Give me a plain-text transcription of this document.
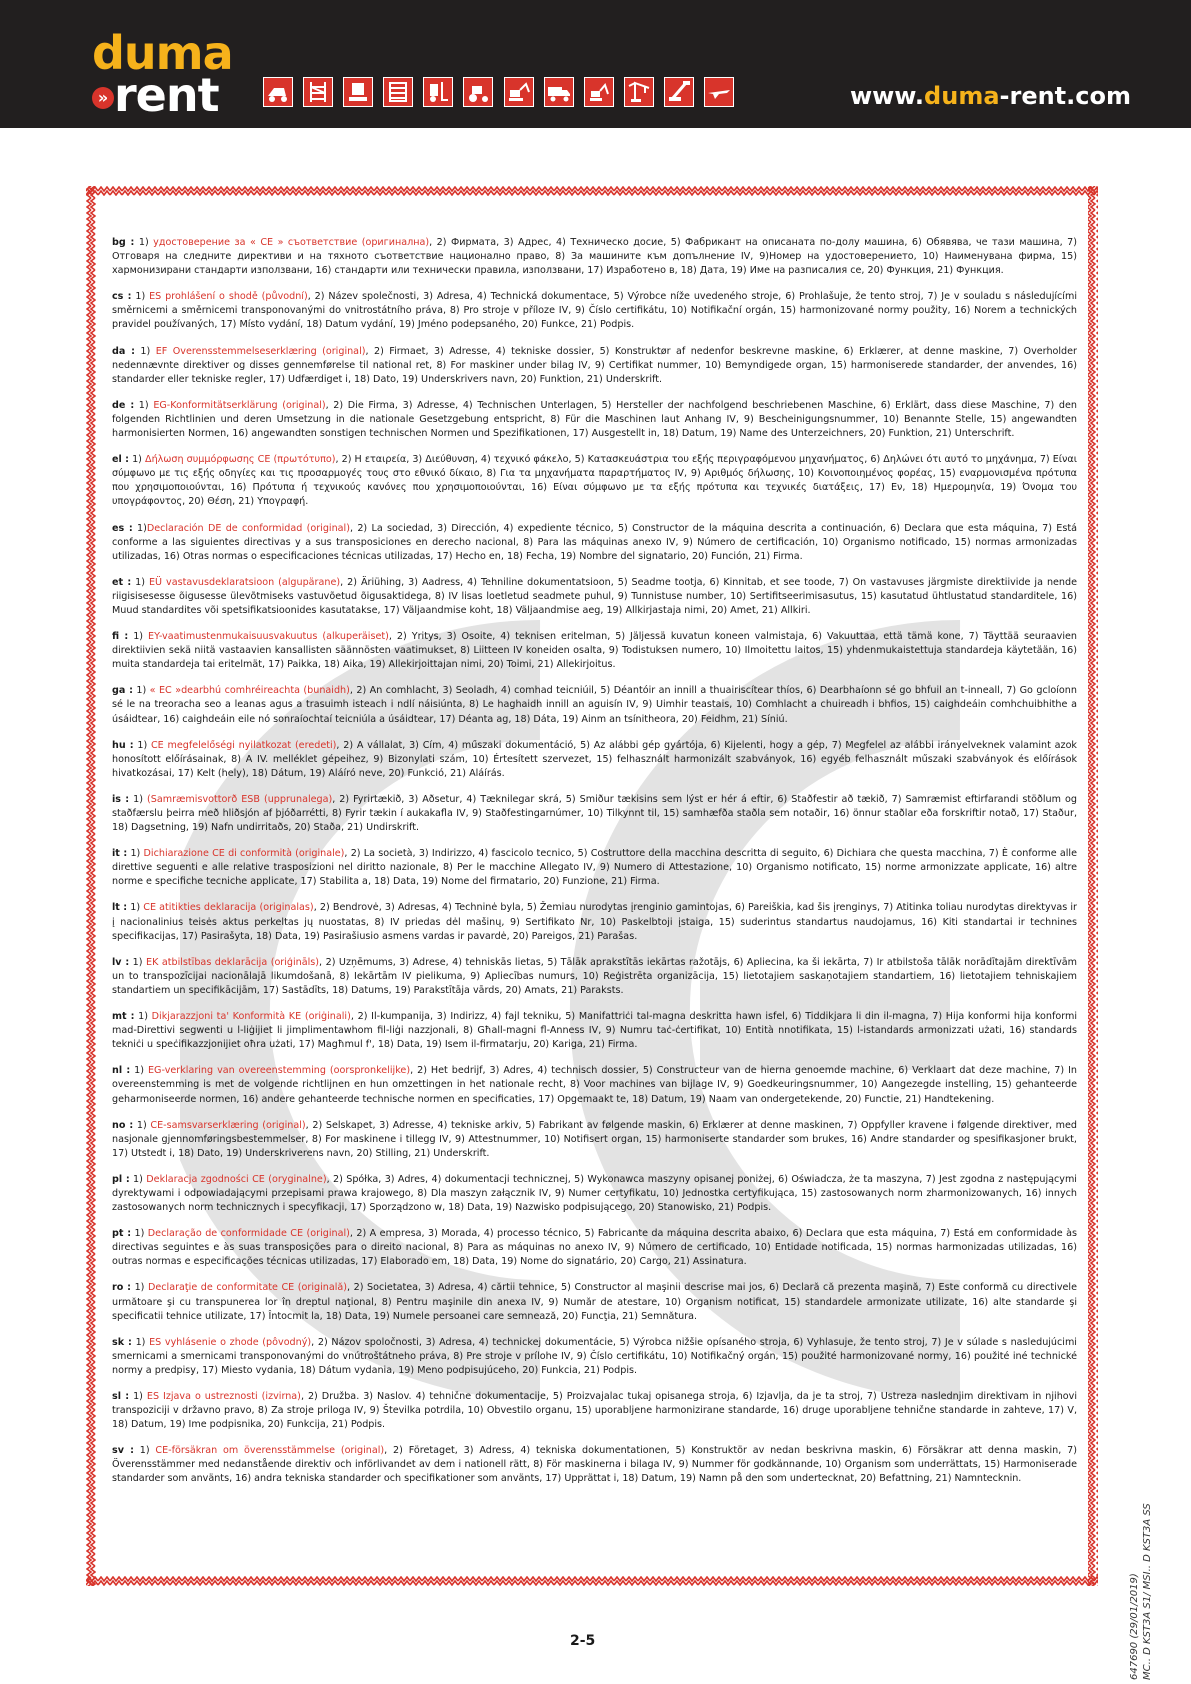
duma
» rent

	www.duma-rent.com

bg : 1) удостоверение за « CE » съответствие (оригинална), 2) Фирмата, 3) Адрес, 4) Техническо досие, 5) Фабрикант на описаната по-долу машина, 6) Обявява, че тази машина, 7) Отговаря на следните директиви и на тяхното съответствие национално право, 8) За машините към допълнение IV, 9)Номер на удостоверението, 10) Наименувана фирма, 15) хармонизирани стандарти използвани, 16) стандарти или технически правила, използвани, 17) Изработено в, 18) Дата, 19) Име на разписалия се, 20) Функция, 21) Функция.

cs : 1) ES prohlášení o shodě (původní), 2) Název společnosti, 3) Adresa, 4) Technická dokumentace, 5) Výrobce níže uvedeného stroje, 6) Prohlašuje, že tento stroj, 7) Je v souladu s následujícími směrnicemi a směrnicemi transponovanými do vnitrostátního práva, 8) Pro stroje v příloze IV, 9) Číslo certifikátu, 10) Notifikační orgán, 15) harmonizované normy použity, 16) Norem a technických pravidel používaných, 17) Místo vydání, 18) Datum vydání, 19) Jméno podepsaného, 20) Funkce, 21) Podpis.

da : 1) EF Overensstemmelseserklæring (original), 2) Firmaet, 3) Adresse, 4) tekniske dossier, 5) Konstruktør af nedenfor beskrevne maskine, 6) Erklærer, at denne maskine, 7) Overholder nedennævnte direktiver og disses gennemførelse til national ret, 8) For maskiner under bilag IV, 9) Certifikat nummer, 10) Bemyndigede organ, 15) harmoniserede standarder, der anvendes, 16) standarder eller tekniske regler, 17) Udfærdiget i, 18) Dato, 19) Underskrivers navn, 20) Funktion, 21) Underskrift.

de : 1) EG-Konformitätserklärung (original), 2) Die Firma, 3) Adresse, 4) Technischen Unterlagen, 5) Hersteller der nachfolgend beschriebenen Maschine, 6) Erklärt, dass diese Maschine, 7) den folgenden Richtlinien und deren Umsetzung in die nationale Gesetzgebung entspricht, 8) Für die Maschinen laut Anhang IV, 9) Bescheinigungsnummer, 10) Benannte Stelle, 15) angewandten harmonisierten Normen, 16) angewandten sonstigen technischen Normen und Spezifikationen, 17) Ausgestellt in, 18) Datum, 19) Name des Unterzeichners, 20) Funktion, 21) Unterschrift.

el : 1) Δήλωση συμμόρφωσης CE (πρωτότυπο), 2) Η εταιρεία, 3) Διεύθυνση, 4) τεχνικό φάκελο, 5) Κατασκευάστρια του εξής περιγραφόμενου μηχανήματος, 6) Δηλώνει ότι αυτό το μηχάνημα, 7) Είναι σύμφωνο με τις εξής οδηγίες και τις προσαρμογές τους στο εθνικό δίκαιο, 8) Για τα μηχανήματα παραρτήματος IV, 9) Αριθμός δήλωσης, 10) Κοινοποιημένος φορέας, 15) εναρμονισμένα πρότυπα που χρησιμοποιούνται, 16) Πρότυπα ή τεχνικούς κανόνες που χρησιμοποιούνται, 16) Είναι σύμφωνο με τα εξής πρότυπα και τεχνικές διατάξεις, 17) Εν, 18) Ημερομηνία, 19) Όνομα του υπογράφοντος, 20) Θέση, 21) Υπογραφή.

es : 1)Declaración DE de conformidad (original), 2) La sociedad, 3) Dirección, 4) expediente técnico, 5) Constructor de la máquina descrita a continuación, 6) Declara que esta máquina, 7) Está conforme a las siguientes directivas y a sus transposiciones en derecho nacional, 8) Para las máquinas anexo IV, 9) Número de certificación, 10) Organismo notificado, 15) normas armonizadas utilizadas, 16) Otras normas o especificaciones técnicas utilizadas, 17) Hecho en, 18) Fecha, 19) Nombre del signatario, 20) Función, 21) Firma.

et : 1) EÜ vastavusdeklaratsioon (algupärane), 2) Äriühing, 3) Aadress, 4) Tehniline dokumentatsioon, 5) Seadme tootja, 6) Kinnitab, et see toode, 7) On vastavuses järgmiste direktiivide ja nende riigisisesesse õigusesse ülevõtmiseks vastuvõetud õigusaktidega, 8) IV lisas loetletud seadmete puhul, 9) Tunnistuse number, 10) Sertifitseerimisasutus, 15) kasutatud ühtlustatud standarditele, 16) Muud standardites või spetsifikatsioonides kasutatakse, 17) Väljaandmise koht, 18) Väljaandmise aeg, 19) Allkirjastaja nimi, 20) Amet, 21) Allkiri.

fi : 1) EY-vaatimustenmukaisuusvakuutus (alkuperäiset), 2) Yritys, 3) Osoite, 4) teknisen eritelman, 5) Jäljessä kuvatun koneen valmistaja, 6) Vakuuttaa, että tämä kone, 7) Täyttää seuraavien direktiivien sekä niitä vastaavien kansallisten säännösten vaatimukset, 8) Liitteen IV koneiden osalta, 9) Todistuksen numero, 10) Ilmoitettu laitos, 15) yhdenmukaistettuja standardeja käytetään, 16) muita standardeja tai eritelmät, 17) Paikka, 18) Aika, 19) Allekirjoittajan nimi, 20) Toimi, 21) Allekirjoitus.

ga : 1) « EC »dearbhú comhréireachta (bunaidh), 2) An comhlacht, 3) Seoladh, 4) comhad teicniúil, 5) Déantóir an innill a thuairiscítear thíos, 6) Dearbhaíonn sé go bhfuil an t-inneall, 7) Go gcloíonn sé le na treoracha seo a leanas agus a trasuimh isteach i ndlí náisiúnta, 8) Le haghaidh innill an aguisín IV, 9) Uimhir teastais, 10) Comhlacht a chuireadh i bhfios, 15) caighdeáin comhchuibhithe a úsáidtear, 16) caighdeáin eile nó sonraíochtaí teicniúla a úsáidtear, 17) Déanta ag, 18) Dáta, 19) Ainm an tsínitheora, 20) Feidhm, 21) Síniú.

hu : 1) CE megfelelőségi nyilatkozat (eredeti), 2) A vállalat, 3) Cím, 4) műszaki dokumentáció, 5) Az alábbi gép gyártója, 6) Kijelenti, hogy a gép, 7) Megfelel az alábbi irányelveknek valamint azok honosított előírásainak, 8) A IV. melléklet gépeihez, 9) Bizonylati szám, 10) Értesített szervezet, 15) felhasznált harmonizált szabványok, 16) egyéb felhasznált műszaki szabványok és előírások hivatkozásai, 17) Kelt (hely), 18) Dátum, 19) Aláíró neve, 20) Funkció, 21) Aláírás.

is : 1) (Samræmisvottorð ESB (upprunalega), 2) Fyrirtækið, 3) Aðsetur, 4) Tæknilegar skrá, 5) Smiður tækisins sem lýst er hér á eftir, 6) Staðfestir að tækið, 7) Samræmist eftirfarandi stöðlum og staðfærslu þeirra með hliðsjón af þjóðarrétti, 8) Fyrir tækin í aukakafla IV, 9) Staðfestingarnúmer, 10) Tilkynnt til, 15) samhæfða staðla sem notaðir, 16) önnur staðlar eða forskriftir notað, 17) Staður, 18) Dagsetning, 19) Nafn undirritaðs, 20) Staða, 21) Undirskrift.

it : 1) Dichiarazione CE di conformità (originale), 2) La società, 3) Indirizzo, 4) fascicolo tecnico, 5) Costruttore della macchina descritta di seguito, 6) Dichiara che questa macchina, 7) È conforme alle direttive seguenti e alle relative trasposizioni nel diritto nazionale, 8) Per le macchine Allegato IV, 9) Numero di Attestazione, 10) Organismo notificato, 15) norme armonizzate applicate, 16) altre norme e specifiche tecniche applicate, 17) Stabilita a, 18) Data, 19) Nome del firmatario, 20) Funzione, 21) Firma.

lt : 1) CE atitikties deklaracija (originalas), 2) Bendrovė, 3) Adresas, 4) Techninė byla, 5) Žemiau nurodytas įrenginio gamintojas, 6) Pareiškia, kad šis įrenginys, 7) Atitinka toliau nurodytas direktyvas ir į nacionalinius teisės aktus perkeltas jų nuostatas, 8) IV priedas dėl mašinų, 9) Sertifikato Nr, 10) Paskelbtoji įstaiga, 15) suderintus standartus naudojamus, 16) Kiti standartai ir technines specifikacijas, 17) Pasirašyta, 18) Data, 19) Pasirašiusio asmens vardas ir pavardė, 20) Pareigos, 21) Parašas.

lv : 1) EK atbilstības deklarācija (oriģināls), 2) Uzņēmums, 3) Adrese, 4) tehniskās lietas, 5) Tālāk aprakstītās iekārtas ražotājs, 6) Apliecina, ka ši iekārta, 7) Ir atbilstoša tālāk norādītajām direktīvām un to transpozīcijai nacionālajā likumdošanā, 8) Iekārtām IV pielikuma, 9) Apliecības numurs, 10) Reģistrēta organizācija, 15) lietotajiem saskaņotajiem standartiem, 16) lietotajiem tehniskajiem standartiem un specifikācijām, 17) Sastādīts, 18) Datums, 19) Parakstītāja vārds, 20) Amats, 21) Paraksts.

mt : 1) Dikjarazzjoni ta' Konformità KE (oriġinali), 2) Il-kumpanija, 3) Indirizz, 4) fajl tekniku, 5) Manifattriċi tal-magna deskritta hawn isfel, 6) Tiddikjara li din il-magna, 7) Hija konformi hija konformi mad-Direttivi segwenti u l-liġijiet li jimplimentawhom fil-liġi nazzjonali, 8) Għall-magni fl-Anness IV, 9) Numru taċ-ċertifikat, 10) Entità nnotifikata, 15) l-istandards armonizzati użati, 16) standards tekniċi u speċifikazzjonijiet oħra użati, 17) Magħmul f', 18) Data, 19) Isem il-firmatarju, 20) Kariga, 21) Firma.

nl : 1) EG-verklaring van overeenstemming (oorspronkelijke), 2) Het bedrijf, 3) Adres, 4) technisch dossier, 5) Constructeur van de hierna genoemde machine, 6) Verklaart dat deze machine, 7) In overeenstemming is met de volgende richtlijnen en hun omzettingen in het nationale recht, 8) Voor machines van bijlage IV, 9) Goedkeuringsnummer, 10) Aangezegde instelling, 15) gehanteerde geharmoniseerde normen, 16) andere gehanteerde technische normen en specificaties, 17) Opgemaakt te, 18) Datum, 19) Naam van ondergetekende, 20) Functie, 21) Handtekening.

no : 1) CE-samsvarserklæring (original), 2) Selskapet, 3) Adresse, 4) tekniske arkiv, 5) Fabrikant av følgende maskin, 6) Erklærer at denne maskinen, 7) Oppfyller kravene i følgende direktiver, med nasjonale gjennomføringsbestemmelser, 8) For maskinene i tillegg IV, 9) Attestnummer, 10) Notifisert organ, 15) harmoniserte standarder som brukes, 16) Andre standarder og spesifikasjoner brukt, 17) Utstedt i, 18) Dato, 19) Underskriverens navn, 20) Stilling, 21) Underskrift.

pl : 1) Deklaracja zgodności CE (oryginalne), 2) Spółka, 3) Adres, 4) dokumentacji technicznej, 5) Wykonawca maszyny opisanej poniżej, 6) Oświadcza, że ta maszyna, 7) Jest zgodna z następującymi dyrektywami i odpowiadającymi przepisami prawa krajowego, 8) Dla maszyn załącznik IV, 9) Numer certyfikatu, 10) Jednostka certyfikująca, 15) zastosowanych norm zharmonizowanych, 16) innych zastosowanych norm technicznych i specyfikacji, 17) Sporządzono w, 18) Data, 19) Nazwisko podpisującego, 20) Stanowisko, 21) Podpis.

pt : 1) Declaração de conformidade CE (original), 2) A empresa, 3) Morada, 4) processo técnico, 5) Fabricante da máquina descrita abaixo, 6) Declara que esta máquina, 7) Está em conformidade às directivas seguintes e às suas transposições para o direito nacional, 8) Para as máquinas no anexo IV, 9) Número de certificado, 10) Entidade notificada, 15) normas harmonizadas utilizadas, 16) outras normas e especificações técnicas utilizadas, 17) Elaborado em, 18) Data, 19) Nome do signatário, 20) Cargo, 21) Assinatura.

ro : 1) Declaraţie de conformitate CE (originală), 2) Societatea, 3) Adresa, 4) cărtii tehnice, 5) Constructor al maşinii descrise mai jos, 6) Declară că prezenta maşină, 7) Este conformă cu directivele următoare şi cu transpunerea lor în dreptul naţional, 8) Pentru maşinile din anexa IV, 9) Număr de atestare, 10) Organism notificat, 15) standardele armonizate utilizate, 16) alte standarde şi specificatii tehnice utilizate, 17) Întocmit la, 18) Data, 19) Numele persoanei care semnează, 20) Funcţia, 21) Semnătura.

sk : 1) ES vyhlásenie o zhode (pôvodný), 2) Názov spoločnosti, 3) Adresa, 4) technickej dokumentácie, 5) Výrobca nižšie opísaného stroja, 6) Vyhlasuje, že tento stroj, 7) Je v súlade s nasledujúcimi smernicami a smernicami transponovanými do vnútroštátneho práva, 8) Pre stroje v prílohe IV, 9) Číslo certifikátu, 10) Notifikačný orgán, 15) použité harmonizované normy, 16) použité iné technické normy a predpisy, 17) Miesto vydania, 18) Dátum vydania, 19) Meno podpisujúceho, 20) Funkcia, 21) Podpis.

sl : 1) ES Izjava o ustreznosti (izvirna), 2) Družba. 3) Naslov. 4) tehnične dokumentacije, 5) Proizvajalac tukaj opisanega stroja, 6) Izjavlja, da je ta stroj, 7) Ustreza naslednjim direktivam in njihovi transpoziciji v državno pravo, 8) Za stroje priloga IV, 9) Številka potrdila, 10) Obvestilo organu, 15) uporabljene harmonizirane standarde, 16) druge uporabljene tehnične standarde in zahteve, 17) V, 18) Datum, 19) Ime podpisnika, 20) Funkcija, 21) Podpis.

sv : 1) CE-försäkran om överensstämmelse (original), 2) Företaget, 3) Adress, 4) tekniska dokumentationen, 5) Konstruktör av nedan beskrivna maskin, 6) Försäkrar att denna maskin, 7) Överensstämmer med nedanstående direktiv och införlivandet av dem i nationell rätt, 8) För maskinerna i bilaga IV, 9) Nummer för godkännande, 10) Organism som underrättats, 15) Harmoniserade standarder som använts, 16) andra tekniska standarder och specifikationer som använts, 17) Upprättat i, 18) Datum, 19) Namn på den som undertecknat, 20) Befattning, 21) Namntecknin.

2-5	647690 (29/01/2019) MC.. D KST3A S1/ MSI.. D KST3A SS
